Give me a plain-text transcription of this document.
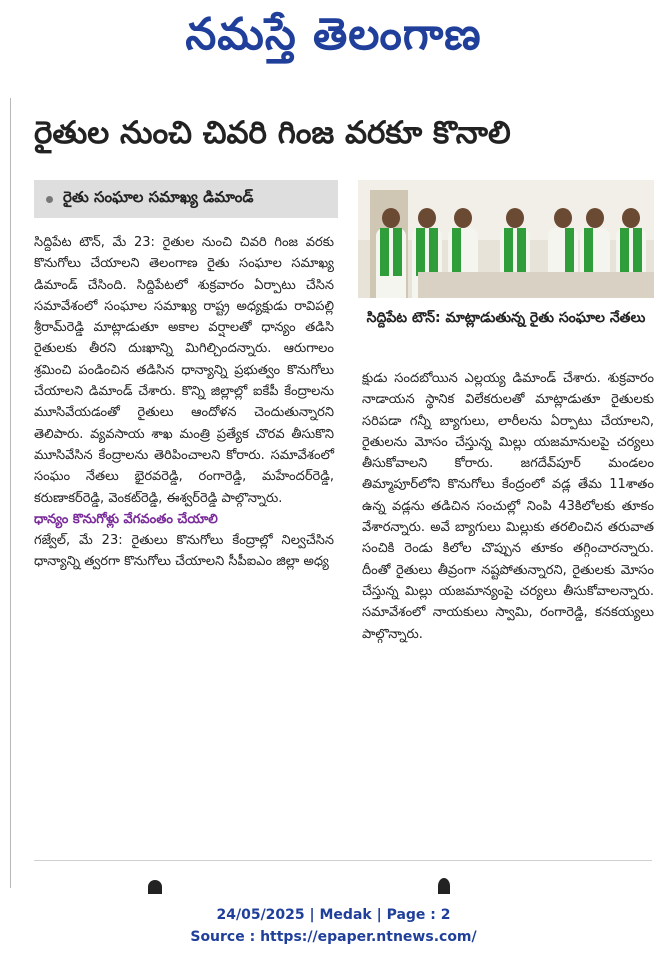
నమస్తే తెలంగాణ
రైతుల నుంచి చివరి గింజ వరకూ కొనాలి
రైతు సంఘాల సమాఖ్య డిమాండ్

సిద్దిపేట టౌన్, మే 23: రైతుల నుంచి చివరి గింజ వరకు కొనుగోలు చేయాలని తెలంగాణ రైతు సంఘాల సమాఖ్య డిమాండ్ చేసింది. సిద్దిపేటలో శుక్రవారం ఏర్పాటు చేసిన సమావేశంలో సంఘాల సమాఖ్య రాష్ట్ర అధ్యక్షుడు రావిపల్లి శ్రీరామ్‌రెడ్డి మాట్లాడుతూ అకాల వర్షాలతో ధాన్యం తడిసి రైతులకు తీరని దుఃఖాన్ని మిగిల్చిందన్నారు. ఆరుగాలం శ్రమించి పండించిన తడిసిన ధాన్యాన్ని ప్రభుత్వం కొనుగోలు చేయాలని డిమాండ్ చేశారు. కొన్ని జిల్లాల్లో ఐకేపీ కేంద్రాలను మూసివేయడంతో రైతులు ఆందోళన చెందుతున్నారని తెలిపారు. వ్యవసాయ శాఖ మంత్రి ప్రత్యేక చొరవ తీసుకొని మూసివేసిన కేంద్రాలను తెరిపించాలని కోరారు. సమావేశంలో సంఘం నేతలు భైరవరెడ్డి, రంగారెడ్డి, మహేందర్‌రెడ్డి, కరుణాకర్‌రెడ్డి, వెంకట్‌రెడ్డి, ఈశ్వర్‌రెడ్డి పాల్గొన్నారు.

ధాన్యం కొనుగోళ్లు వేగవంతం చేయాలి

గజ్వేల్, మే 23: రైతులు కొనుగోలు కేంద్రాల్లో నిల్వచేసిన ధాన్యాన్ని త్వరగా కొనుగోలు చేయాలని సీపీఐఎం జిల్లా అధ్య

సిద్దిపేట టౌన్: మాట్లాడుతున్న రైతు సంఘాల నేతలు

క్షుడు సందబోయిన ఎల్లయ్య డిమాండ్ చేశారు. శుక్రవారం నాడాయన స్థానిక విలేకరులతో మాట్లాడుతూ రైతులకు సరిపడా గన్నీ బ్యాగులు, లారీలను ఏర్పాటు చేయాలని, రైతులను మోసం చేస్తున్న మిల్లు యజమానులపై చర్యలు తీసుకోవాలని కోరారు. జగదేవ్‌పూర్ మండలం తిమ్మాపూర్‌లోని కొనుగోలు కేంద్రంలో వడ్ల తేమ 11శాతం ఉన్న వడ్లను తడిచిన సంచుల్లో నింపి 43కిలోలకు తూకం వేశారన్నారు. అవే బ్యాగులు మిల్లుకు తరలించిన తరువాత సంచికి రెండు కిలోల చొప్పున తూకం తగ్గించారన్నారు. దీంతో రైతులు తీవ్రంగా నష్టపోతున్నారని, రైతులకు మోసం చేస్తున్న మిల్లు యజమాన్యంపై చర్యలు తీసుకోవాలన్నారు. సమావేశంలో నాయకులు స్వామి, రంగారెడ్డి, కనకయ్యలు పాల్గొన్నారు.

24/05/2025 | Medak | Page : 2
Source : https://epaper.ntnews.com/
